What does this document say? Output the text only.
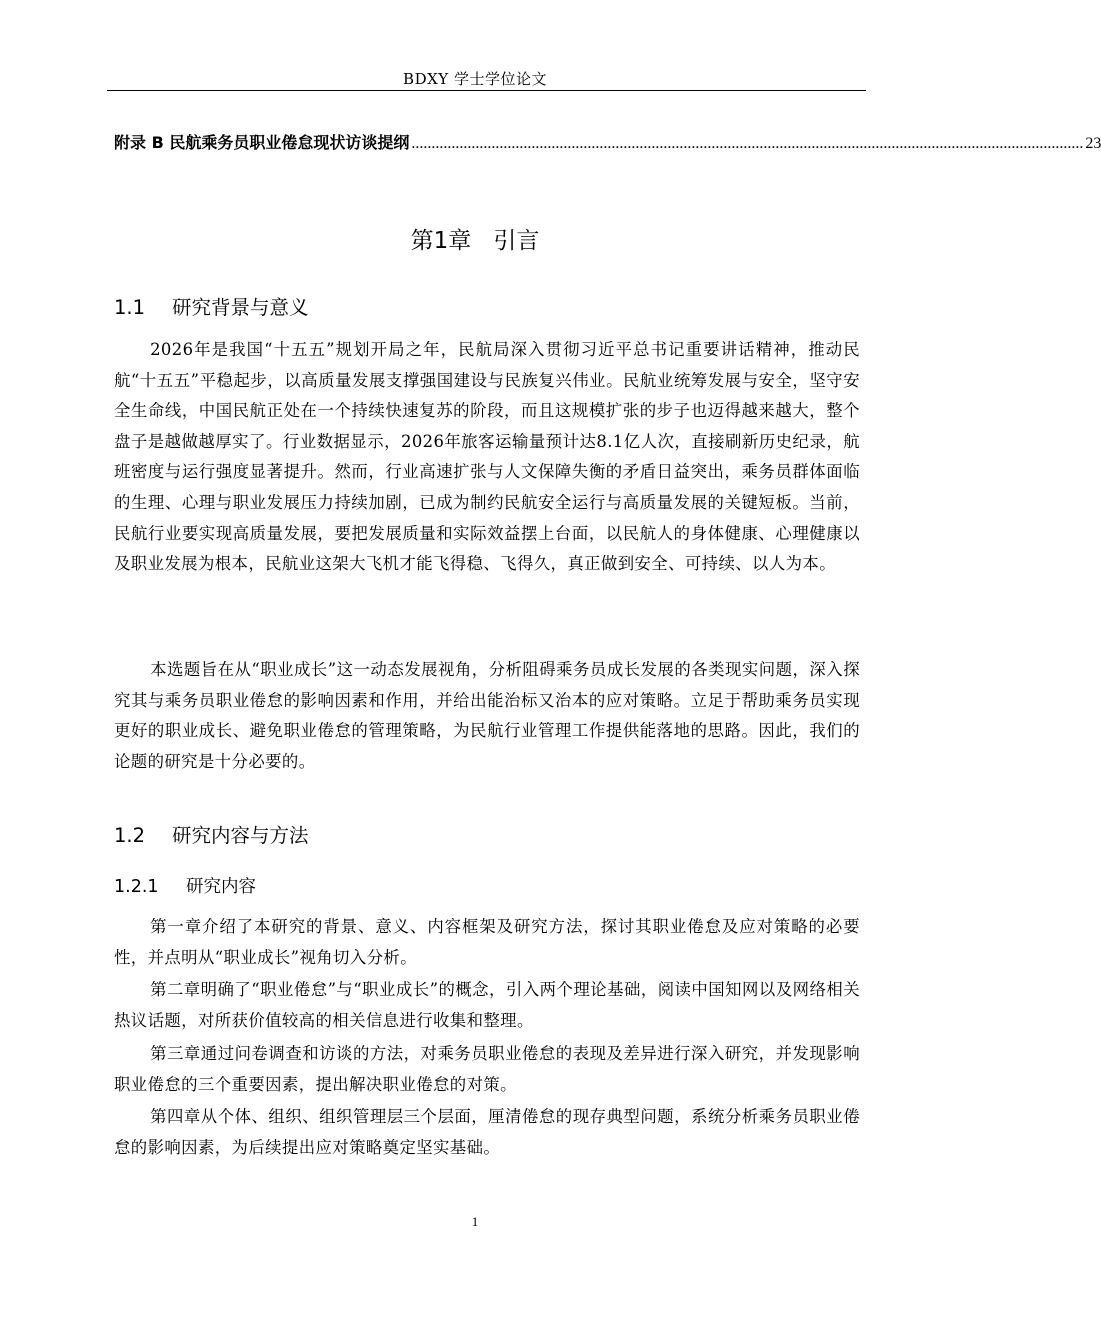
BDXY 学士学位论文
附录 B 民航乘务员职业倦怠现状访谈提纲 ........................................................................................................................................................................ 23
第1章 引言
1.1 研究背景与意义

2026年是我国“十五五”规划开局之年，民航局深入贯彻习近平总书记重要讲话精神，推动民航“十五五”平稳起步，以高质量发展支撑强国建设与民族复兴伟业。民航业统筹发展与安全，坚守安全生命线，中国民航正处在一个持续快速复苏的阶段，而且这规模扩张的步子也迈得越来越大，整个盘子是越做越厚实了。行业数据显示，2026年旅客运输量预计达8.1亿人次，直接刷新历史纪录，航班密度与运行强度显著提升。然而，行业高速扩张与人文保障失衡的矛盾日益突出，乘务员群体面临的生理、心理与职业发展压力持续加剧，已成为制约民航安全运行与高质量发展的关键短板。当前，民航行业要实现高质量发展，要把发展质量和实际效益摆上台面，以民航人的身体健康、心理健康以及职业发展为根本，民航业这架大飞机才能飞得稳、飞得久，真正做到安全、可持续、以人为本。

本选题旨在从“职业成长”这一动态发展视角，分析阻碍乘务员成长发展的各类现实问题，深入探究其与乘务员职业倦怠的影响因素和作用，并给出能治标又治本的应对策略。立足于帮助乘务员实现更好的职业成长、避免职业倦怠的管理策略，为民航行业管理工作提供能落地的思路。因此，我们的论题的研究是十分必要的。

1.2 研究内容与方法
1.2.1 研究内容

第一章介绍了本研究的背景、意义、内容框架及研究方法，探讨其职业倦怠及应对策略的必要性，并点明从“职业成长”视角切入分析。

第二章明确了“职业倦怠”与“职业成长”的概念，引入两个理论基础，阅读中国知网以及网络相关热议话题，对所获价值较高的相关信息进行收集和整理。

第三章通过问卷调查和访谈的方法，对乘务员职业倦怠的表现及差异进行深入研究，并发现影响职业倦怠的三个重要因素，提出解决职业倦怠的对策。

第四章从个体、组织、组织管理层三个层面，厘清倦怠的现存典型问题，系统分析乘务员职业倦怠的影响因素，为后续提出应对策略奠定坚实基础。

1
